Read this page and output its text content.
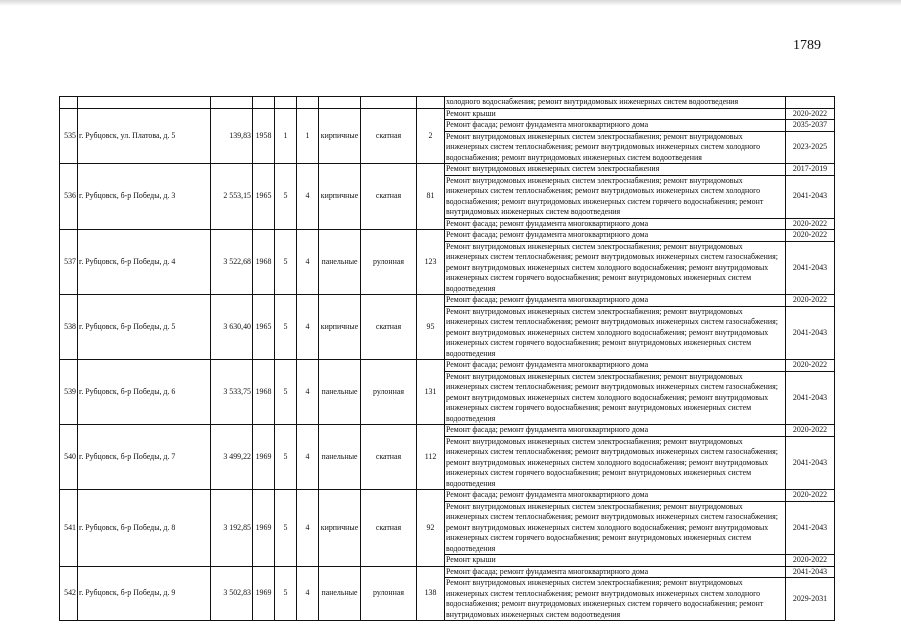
1789
									холодного водоснабжения; ремонт внутридомовых инженерных систем водоотведения	
535	г. Рубцовск, ул. Платова, д. 5	139,83	1958	1	1	кирпичные	скатная	2	Ремонт крыши	2020-2022
									Ремонт фасада; ремонт фундамента многоквартирного дома	2035-2037
									Ремонт внутридомовых инженерных систем электроснабжения; ремонт внутридомовых инженерных систем теплоснабжения; ремонт внутридомовых инженерных систем холодного водоснабжения; ремонт внутридомовых инженерных систем водоотведения	2023-2025
536	г. Рубцовск, б-р Победы, д. 3	2 553,15	1965	5	4	кирпичные	скатная	81	Ремонт внутридомовых инженерных систем электроснабжения	2017-2019
									Ремонт внутридомовых инженерных систем электроснабжения; ремонт внутридомовых инженерных систем теплоснабжения; ремонт внутридомовых инженерных систем холодного водоснабжения; ремонт внутридомовых инженерных систем горячего водоснабжения; ремонт внутридомовых инженерных систем водоотведения	2041-2043
									Ремонт фасада; ремонт фундамента многоквартирного дома	2020-2022
537	г. Рубцовск, б-р Победы, д. 4	3 522,68	1968	5	4	панельные	рулонная	123	Ремонт фасада; ремонт фундамента многоквартирного дома	2020-2022
									Ремонт внутридомовых инженерных систем электроснабжения; ремонт внутридомовых инженерных систем теплоснабжения; ремонт внутридомовых инженерных систем газоснабжения; ремонт внутридомовых инженерных систем холодного водоснабжения; ремонт внутридомовых инженерных систем горячего водоснабжения; ремонт внутридомовых инженерных систем водоотведения	2041-2043
538	г. Рубцовск, б-р Победы, д. 5	3 630,40	1965	5	4	кирпичные	скатная	95	Ремонт фасада; ремонт фундамента многоквартирного дома	2020-2022
									Ремонт внутридомовых инженерных систем электроснабжения; ремонт внутридомовых инженерных систем теплоснабжения; ремонт внутридомовых инженерных систем газоснабжения; ремонт внутридомовых инженерных систем холодного водоснабжения; ремонт внутридомовых инженерных систем горячего водоснабжения; ремонт внутридомовых инженерных систем водоотведения	2041-2043
539	г. Рубцовск, б-р Победы, д. 6	3 533,75	1968	5	4	панельные	рулонная	131	Ремонт фасада; ремонт фундамента многоквартирного дома	2020-2022
									Ремонт внутридомовых инженерных систем электроснабжения; ремонт внутридомовых инженерных систем теплоснабжения; ремонт внутридомовых инженерных систем газоснабжения; ремонт внутридомовых инженерных систем холодного водоснабжения; ремонт внутридомовых инженерных систем горячего водоснабжения; ремонт внутридомовых инженерных систем водоотведения	2041-2043
540	г. Рубцовск, б-р Победы, д. 7	3 499,22	1969	5	4	панельные	скатная	112	Ремонт фасада; ремонт фундамента многоквартирного дома	2020-2022
									Ремонт внутридомовых инженерных систем электроснабжения; ремонт внутридомовых инженерных систем теплоснабжения; ремонт внутридомовых инженерных систем газоснабжения; ремонт внутридомовых инженерных систем холодного водоснабжения; ремонт внутридомовых инженерных систем горячего водоснабжения; ремонт внутридомовых инженерных систем водоотведения	2041-2043
541	г. Рубцовск, б-р Победы, д. 8	3 192,85	1969	5	4	кирпичные	скатная	92	Ремонт фасада; ремонт фундамента многоквартирного дома	2020-2022
									Ремонт внутридомовых инженерных систем электроснабжения; ремонт внутридомовых инженерных систем теплоснабжения; ремонт внутридомовых инженерных систем газоснабжения; ремонт внутридомовых инженерных систем холодного водоснабжения; ремонт внутридомовых инженерных систем горячего водоснабжения; ремонт внутридомовых инженерных систем водоотведения	2041-2043
									Ремонт крыши	2020-2022
542	г. Рубцовск, б-р Победы, д. 9	3 502,83	1969	5	4	панельные	рулонная	138	Ремонт фасада; ремонт фундамента многоквартирного дома	2041-2043
									Ремонт внутридомовых инженерных систем электроснабжения; ремонт внутридомовых инженерных систем теплоснабжения; ремонт внутридомовых инженерных систем холодного водоснабжения; ремонт внутридомовых инженерных систем горячего водоснабжения; ремонт внутридомовых инженерных систем водоотведения	2029-2031
